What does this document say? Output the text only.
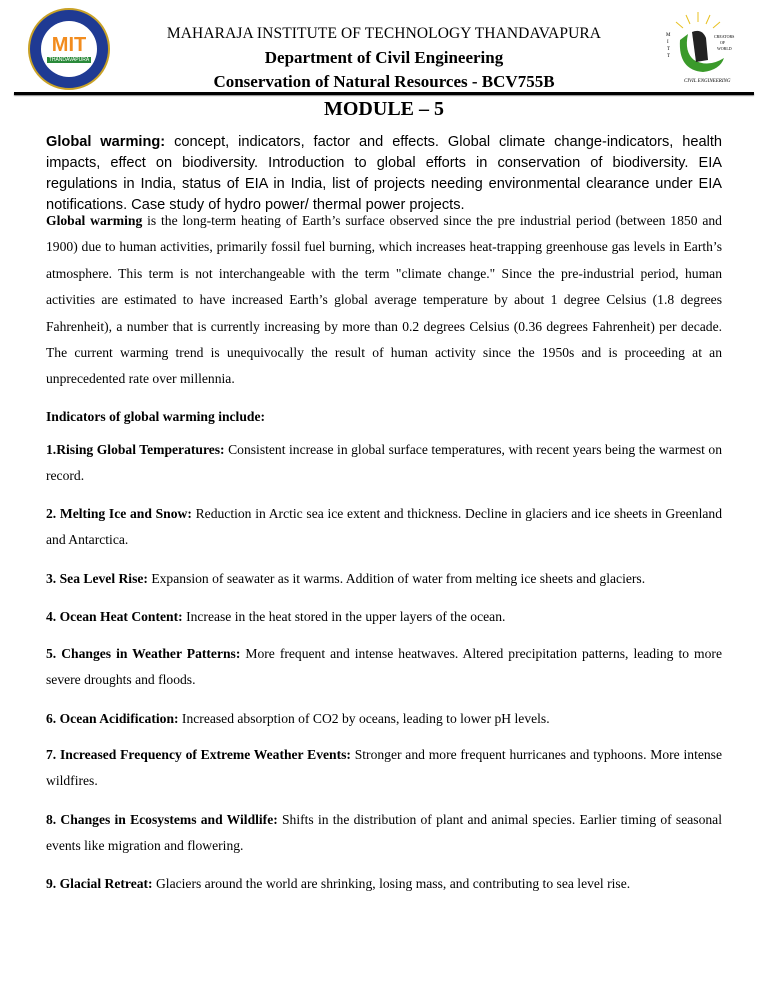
MIT
THANDAVAPURA
M
I
T
T
CREATORS
OF
WORLD
CIVIL ENGINEERING
MAHARAJA INSTITUTE OF TECHNOLOGY THANDAVAPURA
Department of Civil Engineering
Conservation of Natural Resources - BCV755B
MODULE – 5
Global warming: concept, indicators, factor and effects. Global climate change-indicators, health impacts, effect on biodiversity. Introduction to global efforts in conservation of biodiversity. EIA regulations in India, status of EIA in India, list of projects needing environmental clearance under EIA notifications. Case study of hydro power/ thermal power projects.
Global warming is the long-term heating of Earth’s surface observed since the pre industrial period (between 1850 and 1900) due to human activities, primarily fossil fuel burning, which increases heat-trapping greenhouse gas levels in Earth’s atmosphere. This term is not interchangeable with the term "climate change." Since the pre-industrial period, human activities are estimated to have increased Earth’s global average temperature by about 1 degree Celsius (1.8 degrees Fahrenheit), a number that is currently increasing by more than 0.2 degrees Celsius (0.36 degrees Fahrenheit) per decade. The current warming trend is unequivocally the result of human activity since the 1950s and is proceeding at an unprecedented rate over millennia.
Indicators of global warming include:
1.Rising Global Temperatures: Consistent increase in global surface temperatures, with recent years being the warmest on record.
2. Melting Ice and Snow: Reduction in Arctic sea ice extent and thickness. Decline in glaciers and ice sheets in Greenland and Antarctica.
3. Sea Level Rise: Expansion of seawater as it warms. Addition of water from melting ice sheets and glaciers.
4. Ocean Heat Content: Increase in the heat stored in the upper layers of the ocean.
5. Changes in Weather Patterns: More frequent and intense heatwaves. Altered precipitation patterns, leading to more severe droughts and floods.
6. Ocean Acidification: Increased absorption of CO2 by oceans, leading to lower pH levels.
7. Increased Frequency of Extreme Weather Events: Stronger and more frequent hurricanes and typhoons. More intense wildfires.
8. Changes in Ecosystems and Wildlife: Shifts in the distribution of plant and animal species. Earlier timing of seasonal events like migration and flowering.
9. Glacial Retreat: Glaciers around the world are shrinking, losing mass, and contributing to sea level rise.
